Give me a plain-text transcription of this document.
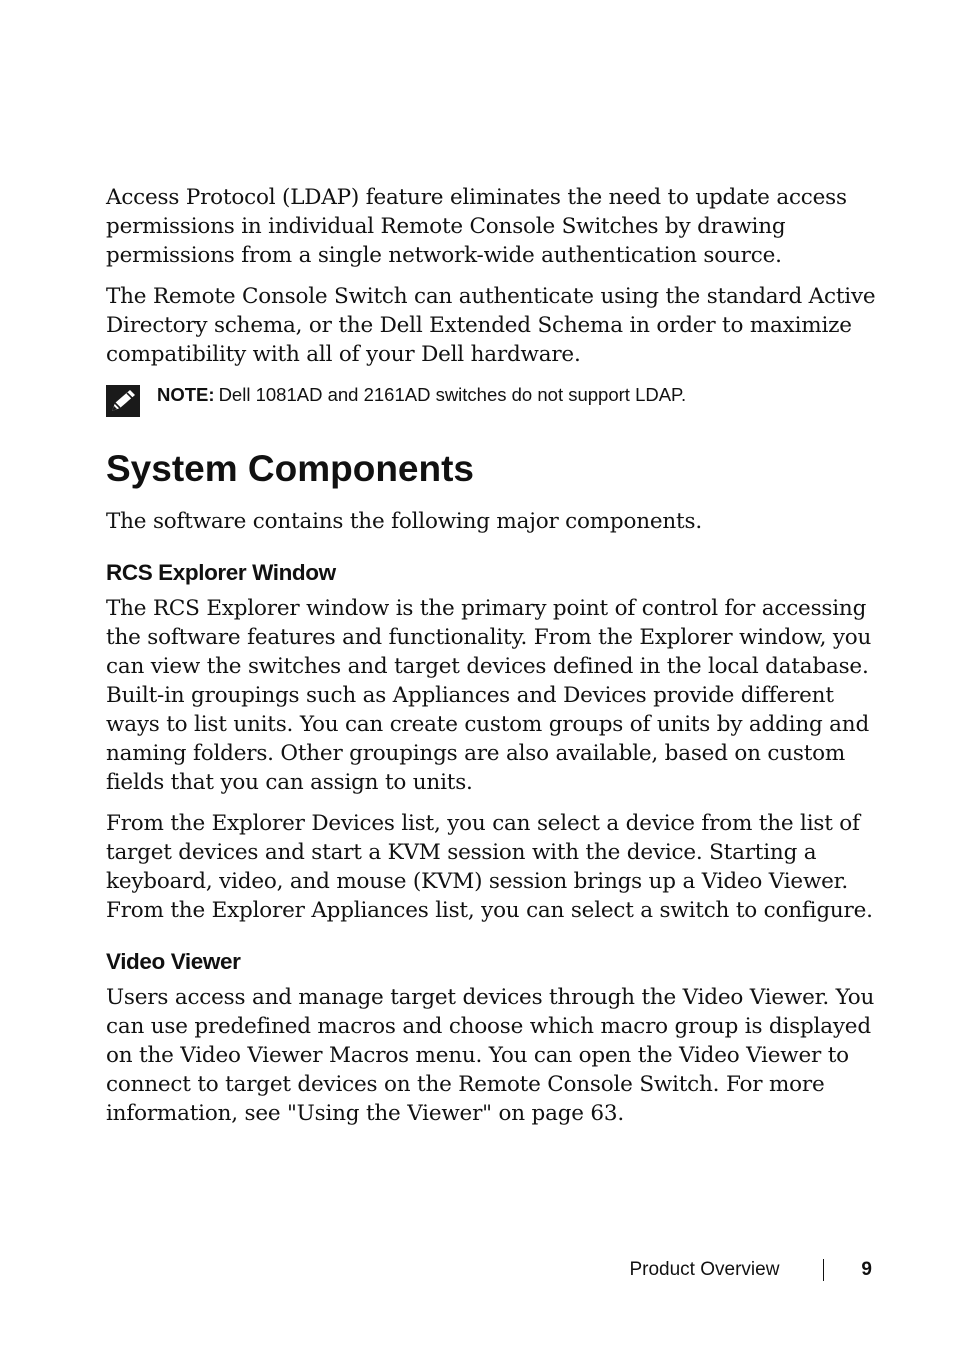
Access Protocol (LDAP) feature eliminates the need to update access permissions in individual Remote Console Switches by drawing permissions from a single network-wide authentication source.

The Remote Console Switch can authenticate using the standard Active Directory schema, or the Dell Extended Schema in order to maximize compatibility with all of your Dell hardware.

NOTE: Dell 1081AD and 2161AD switches do not support LDAP.
System Components

The software contains the following major components.

RCS Explorer Window

The RCS Explorer window is the primary point of control for accessing the software features and functionality. From the Explorer window, you can view the switches and target devices defined in the local database. Built-in groupings such as Appliances and Devices provide different ways to list units. You can create custom groups of units by adding and naming folders. Other groupings are also available, based on custom fields that you can assign to units.

From the Explorer Devices list, you can select a device from the list of target devices and start a KVM session with the device. Starting a keyboard, video, and mouse (KVM) session brings up a Video Viewer. From the Explorer Appliances list, you can select a switch to configure.

Video Viewer

Users access and manage target devices through the Video Viewer. You can use predefined macros and choose which macro group is displayed on the Video Viewer Macros menu. You can open the Video Viewer to connect to target devices on the Remote Console Switch. For more information, see "Using the Viewer" on page 63.

Product Overview	9
